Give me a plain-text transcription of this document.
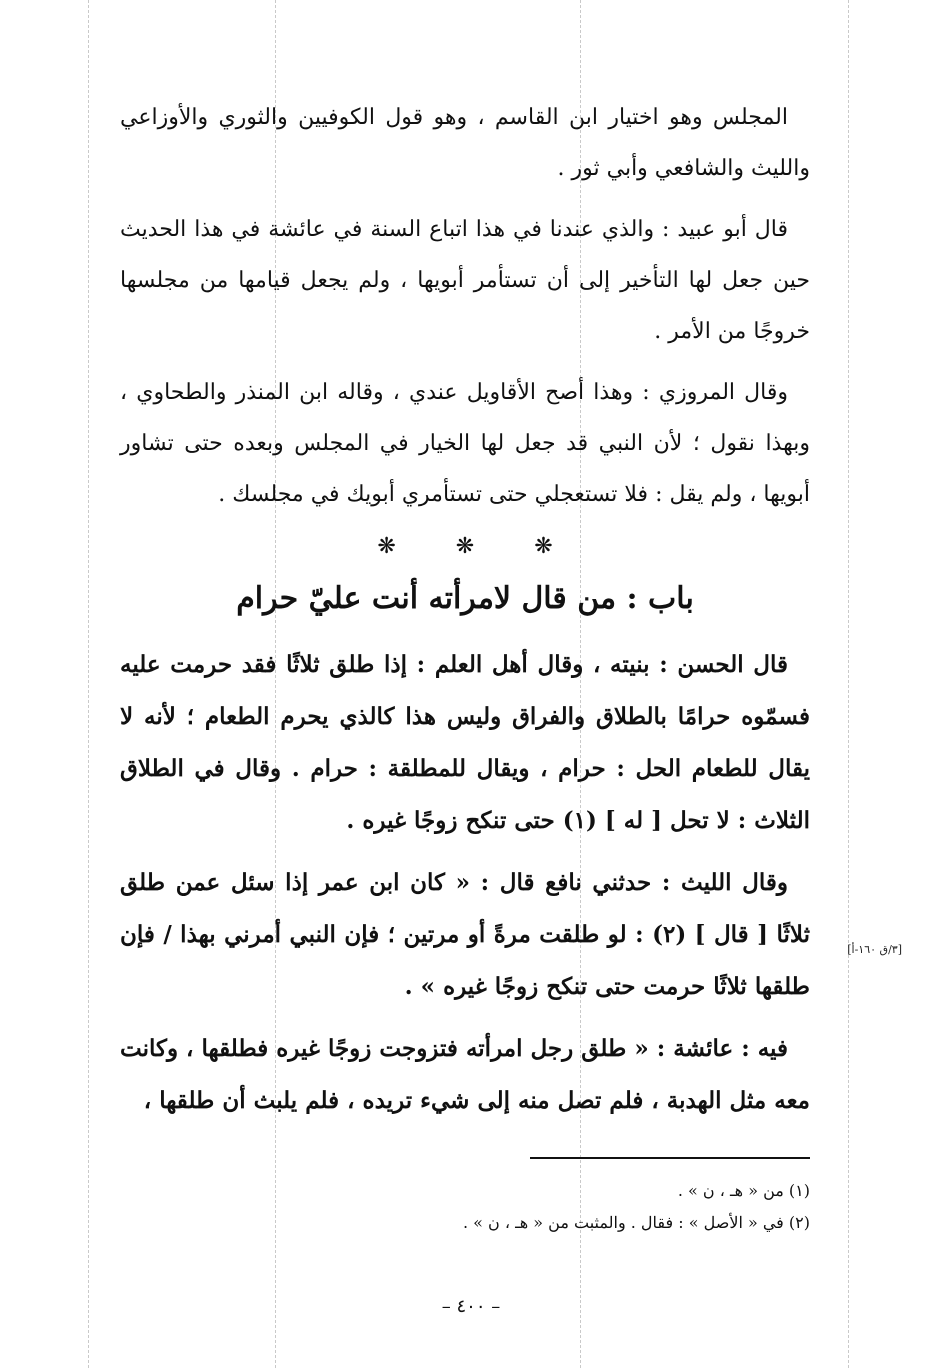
المجلس وهو اختيار ابن القاسم ، وهو قول الكوفيين والثوري والأوزاعي والليث والشافعي وأبي ثور .

قال أبو عبيد : والذي عندنا في هذا اتباع السنة في عائشة في هذا الحديث حين جعل لها التأخير إلى أن تستأمر أبويها ، ولم يجعل قيامها من مجلسها خروجًا من الأمر .

وقال المروزي : وهذا أصح الأقاويل عندي ، وقاله ابن المنذر والطحاوي ، وبهذا نقول ؛ لأن النبي قد جعل لها الخيار في المجلس وبعده حتى تشاور أبويها ، ولم يقل : فلا تستعجلي حتى تستأمري أبويك في مجلسك .

❋
❋
❋
باب : من قال لامرأته أنت عليّ حرام

قال الحسن : بنيته ، وقال أهل العلم : إذا طلق ثلاثًا فقد حرمت عليه فسمّوه حرامًا بالطلاق والفراق وليس هذا كالذي يحرم الطعام ؛ لأنه لا يقال للطعام الحل : حرام ، ويقال للمطلقة : حرام . وقال في الطلاق الثلاث : لا تحل [ له ] (١) حتى تنكح زوجًا غيره .

وقال الليث : حدثني نافع قال : « كان ابن عمر إذا سئل عمن طلق ثلاثًا [ قال ] (٢) : لو طلقت مرةً أو مرتين ؛ فإن النبي أمرني بهذا / فإن طلقها ثلاثًا حرمت حتى تنكح زوجًا غيره » .

فيه : عائشة : « طلق رجل امرأته فتزوجت زوجًا غيره فطلقها ، وكانت معه مثل الهدبة ، فلم تصل منه إلى شيء تريده ، فلم يلبث أن طلقها ،

[٣/ق ١٦٠-أ]
(١) من « هـ ، ن » .
(٢) في « الأصل » : فقال . والمثبت من « هـ ، ن » .
– ٤٠٠ –
